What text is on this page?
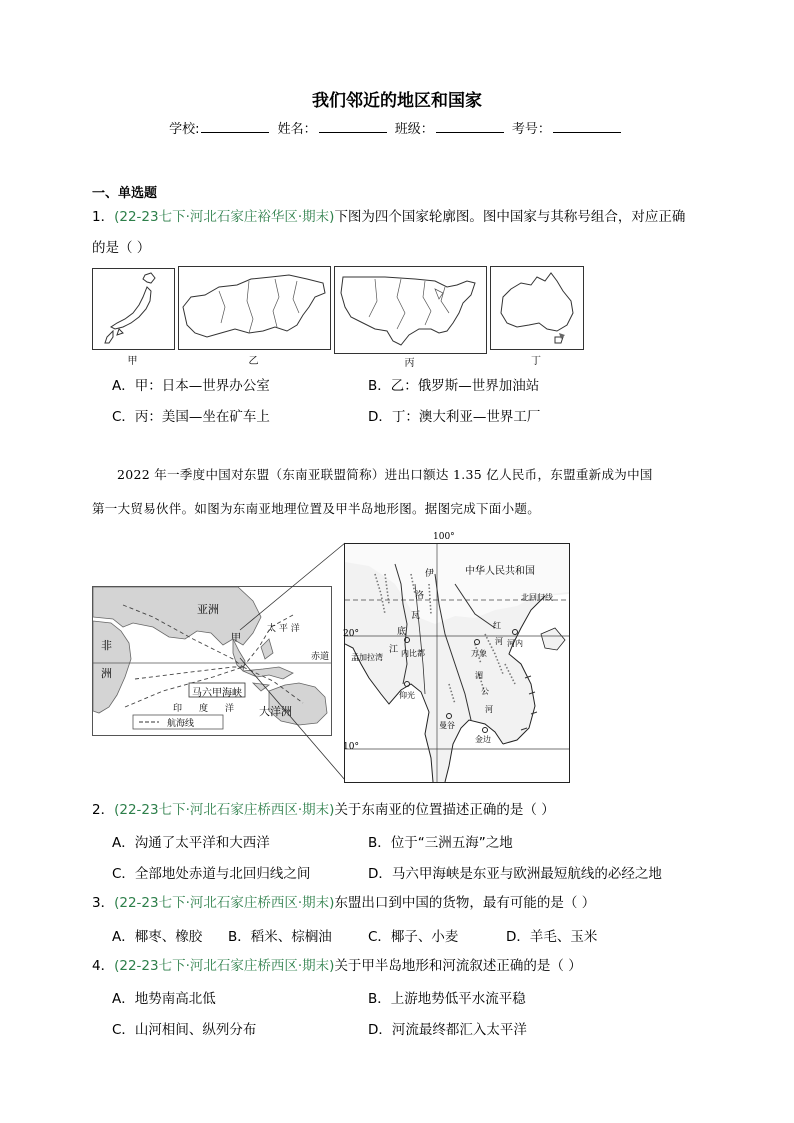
我们邻近的地区和国家
学校:	姓名：	班级：	考号：
一、单选题
1．(22-23七下·河北石家庄裕华区·期末)下图为四个国家轮廓图。图中国家与其称号组合，对应正确
的是（ ）
甲	乙	丙	丁
A．甲：日本—世界办公室	B．乙：俄罗斯—世界加油站
C．丙：美国—坐在矿车上	D．丁：澳大利亚—世界工厂
2022 年一季度中国对东盟（东南亚联盟简称）进出口额达 1.35 亿人民币，东盟重新成为中国
第一大贸易伙伴。如图为东南亚地理位置及甲半岛地形图。据图完成下面小题。
亚洲
非
洲
太 平 洋
赤道
甲
马六甲海峡
印 度 洋 大洋洲
航海线
100°
20°
10°
中华人民共和国
北回归线
伊
洛
瓦
底
江 内比都
孟加拉湾
仰光
曼谷
万象
河内
红
河
湄
公
河
金边
2．(22-23七下·河北石家庄桥西区·期末)关于东南亚的位置描述正确的是（ ）
A．沟通了太平洋和大西洋	B．位于“三洲五海”之地
C．全部地处赤道与北回归线之间	D．马六甲海峡是东亚与欧洲最短航线的必经之地
3．(22-23七下·河北石家庄桥西区·期末)东盟出口到中国的货物，最有可能的是（ ）
A．椰枣、橡胶 B．稻米、棕榈油	C．椰子、小麦	D．羊毛、玉米
4．(22-23七下·河北石家庄桥西区·期末)关于甲半岛地形和河流叙述正确的是（ ）
A．地势南高北低	B．上游地势低平水流平稳
C．山河相间、纵列分布	D．河流最终都汇入太平洋
